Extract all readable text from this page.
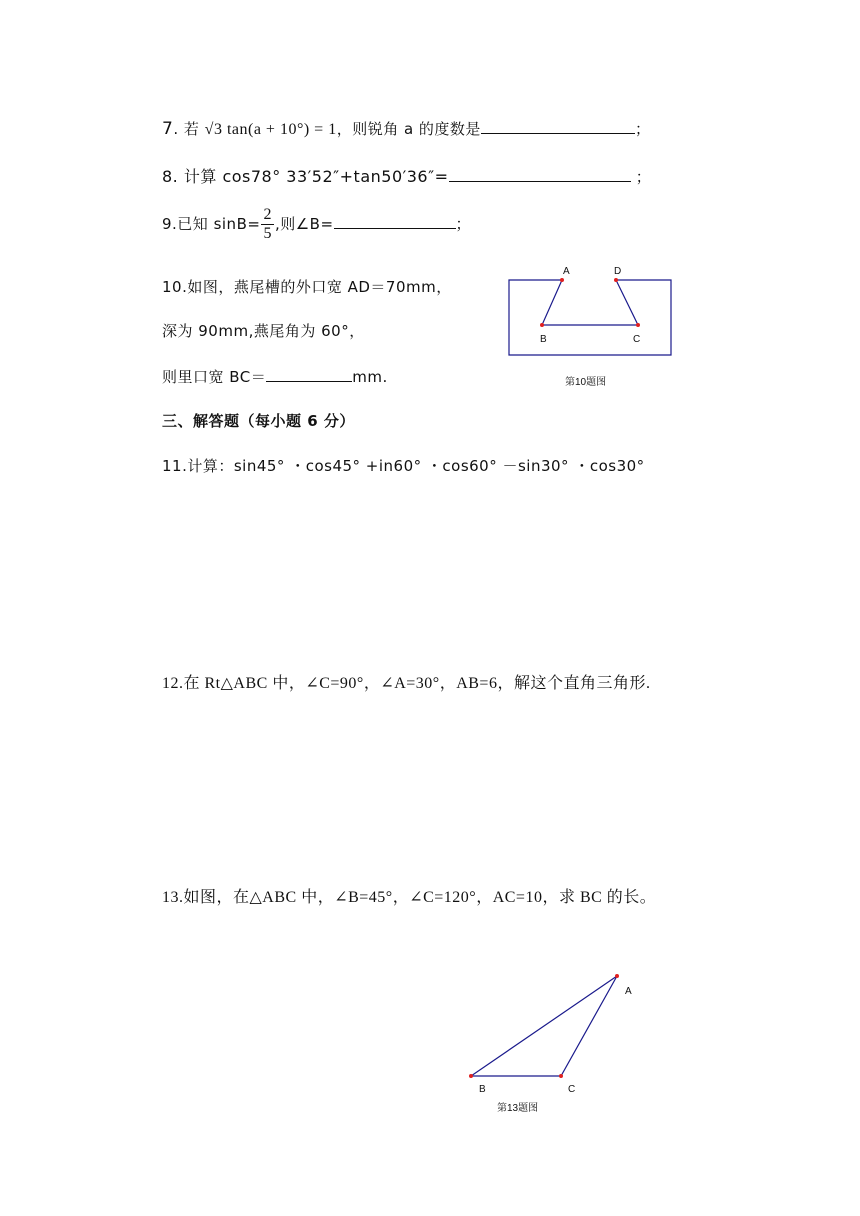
7. 若 √3 tan(a + 10°) = 1，则锐角 a 的度数是	；
8. 计算 cos78° 33′52″+tan50′36″=	；
9.已知 $\sin B= \frac{2}{5}$ ,则∠B=	；
10.如图，燕尾槽的外口宽 AD＝70mm，
深为 90mm,燕尾角为 60°，
则里口宽 BC＝	mm.
A	D
B	C
第10题图
三、解答题（每小题 6 分）
11.计算：sin45° ・cos45° +in60° ・cos60° －sin30° ・cos30°
12.在 Rt△ABC 中，∠C=90°，∠A=30°，AB=6，解这个直角三角形.
13.如图，在△ABC 中，∠B=45°，∠C=120°，AC=10，求 BC 的长。
A
B	C
第13题图
